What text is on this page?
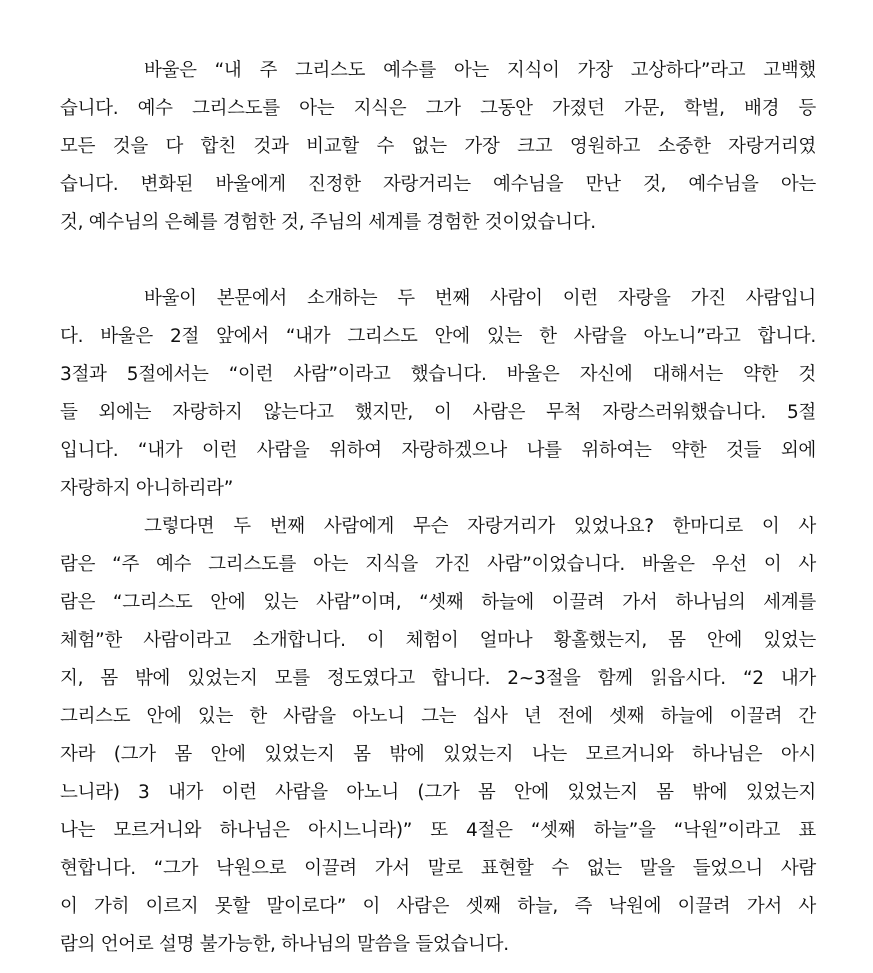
바울은 “내 주 그리스도 예수를 아는 지식이 가장 고상하다”라고 고백했
습니다. 예수 그리스도를 아는 지식은 그가 그동안 가졌던 가문, 학벌, 배경 등
모든 것을 다 합친 것과 비교할 수 없는 가장 크고 영원하고 소중한 자랑거리였
습니다. 변화된 바울에게 진정한 자랑거리는 예수님을 만난 것, 예수님을 아는
것, 예수님의 은혜를 경험한 것, 주님의 세계를 경험한 것이었습니다.
바울이 본문에서 소개하는 두 번째 사람이 이런 자랑을 가진 사람입니
다. 바울은 2절 앞에서 “내가 그리스도 안에 있는 한 사람을 아노니”라고 합니다.
3절과 5절에서는 “이런 사람”이라고 했습니다. 바울은 자신에 대해서는 약한 것
들 외에는 자랑하지 않는다고 했지만, 이 사람은 무척 자랑스러워했습니다. 5절
입니다. “내가 이런 사람을 위하여 자랑하겠으나 나를 위하여는 약한 것들 외에
자랑하지 아니하리라”
그렇다면 두 번째 사람에게 무슨 자랑거리가 있었나요? 한마디로 이 사
람은 “주 예수 그리스도를 아는 지식을 가진 사람”이었습니다. 바울은 우선 이 사
람은 “그리스도 안에 있는 사람”이며, “셋째 하늘에 이끌려 가서 하나님의 세계를
체험”한 사람이라고 소개합니다. 이 체험이 얼마나 황홀했는지, 몸 안에 있었는
지, 몸 밖에 있었는지 모를 정도였다고 합니다. 2~3절을 함께 읽읍시다. “2 내가
그리스도 안에 있는 한 사람을 아노니 그는 십사 년 전에 셋째 하늘에 이끌려 간
자라 (그가 몸 안에 있었는지 몸 밖에 있었는지 나는 모르거니와 하나님은 아시
느니라) 3 내가 이런 사람을 아노니 (그가 몸 안에 있었는지 몸 밖에 있었는지
나는 모르거니와 하나님은 아시느니라)” 또 4절은 “셋째 하늘”을 “낙원”이라고 표
현합니다. “그가 낙원으로 이끌려 가서 말로 표현할 수 없는 말을 들었으니 사람
이 가히 이르지 못할 말이로다” 이 사람은 셋째 하늘, 즉 낙원에 이끌려 가서 사
람의 언어로 설명 불가능한, 하나님의 말씀을 들었습니다.
